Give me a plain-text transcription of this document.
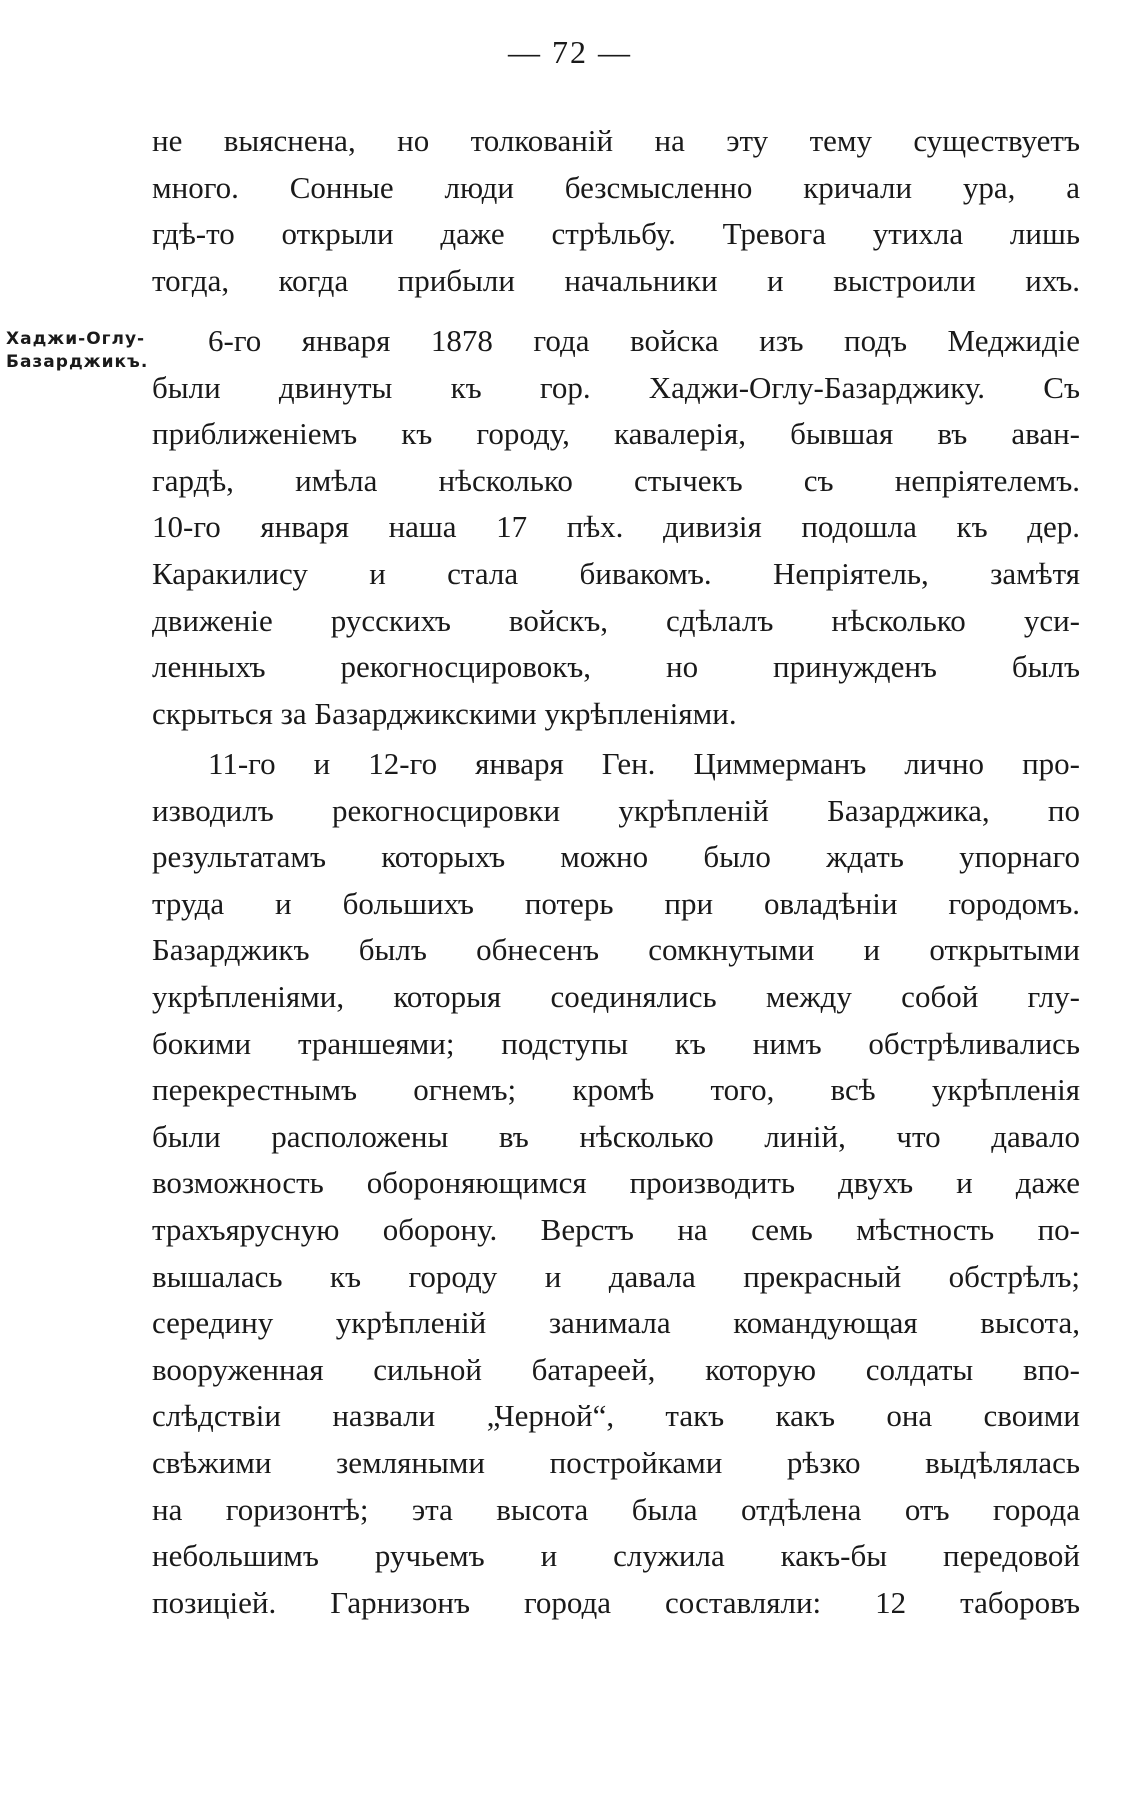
— 72 —
Хаджи-Оглу-
Базарджикъ.
не выяснена, но толкованій на эту тему существуетъ
много. Сонные люди безсмысленно кричали ура, а
гдѣ-то открыли даже стрѣльбу. Тревога утихла лишь
тогда, когда прибыли начальники и выстроили ихъ.
6-го января 1878 года войска изъ подъ Меджидіе
были двинуты къ гор. Хаджи-Оглу-Базарджику. Съ
приближеніемъ къ городу, кавалерія, бывшая въ аван-
гардѣ, имѣла нѣсколько стычекъ съ непріятелемъ.
10-го января наша 17 пѣх. дивизія подошла къ дер.
Каракилису и стала бивакомъ. Непріятель, замѣтя
движеніе русскихъ войскъ, сдѣлалъ нѣсколько уси-
ленныхъ рекогносцировокъ, но принужденъ былъ
скрыться за Базарджикскими укрѣпленіями.
11-го и 12-го января Ген. Циммерманъ лично про-
изводилъ рекогносцировки укрѣпленій Базарджика, по
результатамъ которыхъ можно было ждать упорнаго
труда и большихъ потерь при овладѣніи городомъ.
Базарджикъ былъ обнесенъ сомкнутыми и открытыми
укрѣпленіями, которыя соединялись между собой глу-
бокими траншеями; подступы къ нимъ обстрѣливались
перекрестнымъ огнемъ; кромѣ того, всѣ укрѣпленія
были расположены въ нѣсколько линій, что давало
возможность обороняющимся производить двухъ и даже
трахъярусную оборону. Верстъ на семь мѣстность по-
вышалась къ городу и давала прекрасный обстрѣлъ;
середину укрѣпленій занимала командующая высота,
вооруженная сильной батареей, которую солдаты впо-
слѣдствіи назвали „Черной“, такъ какъ она своими
свѣжими земляными постройками рѣзко выдѣлялась
на горизонтѣ; эта высота была отдѣлена отъ города
небольшимъ ручьемъ и служила какъ-бы передовой
позиціей. Гарнизонъ города составляли: 12 таборовъ
